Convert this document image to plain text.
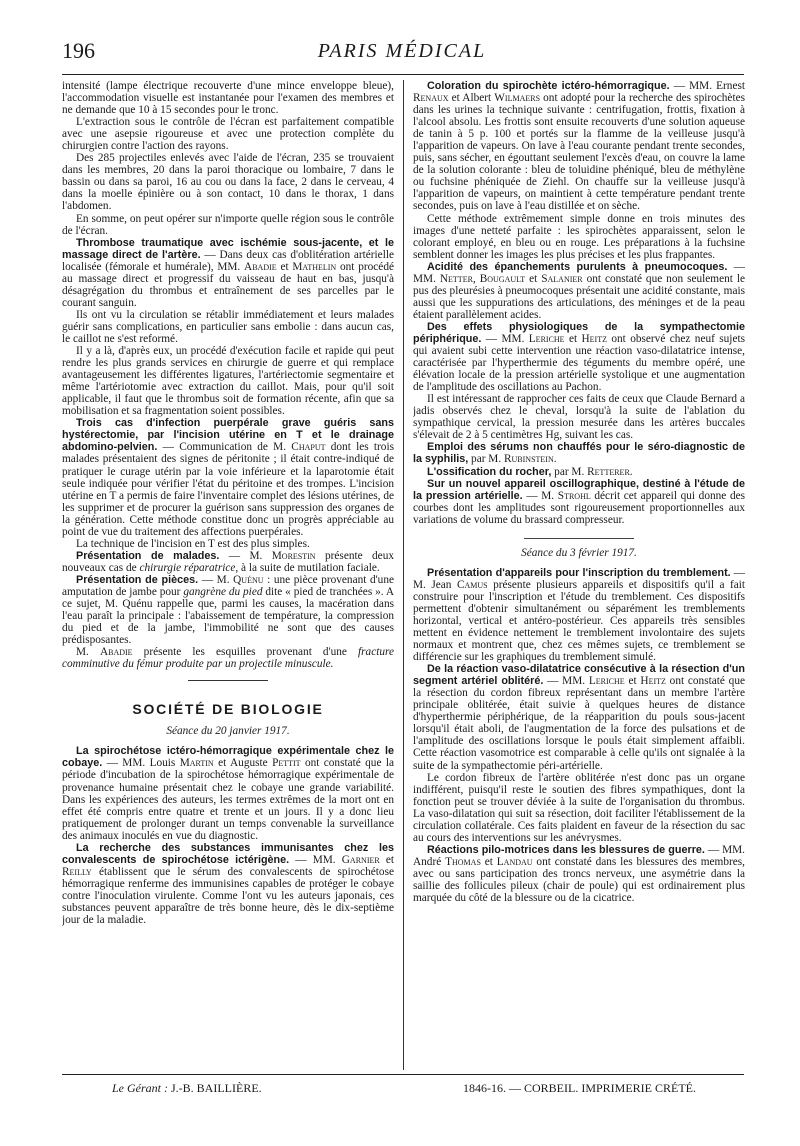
196	PARIS MÉDICAL

intensité (lampe électrique recouverte d'une mince enveloppe bleue), l'accommodation visuelle est instantanée pour l'examen des membres et ne demande que 10 à 15 secondes pour le tronc.

L'extraction sous le contrôle de l'écran est parfaitement compatible avec une asepsie rigoureuse et avec une protection complète du chirurgien contre l'action des rayons.

Des 285 projectiles enlevés avec l'aide de l'écran, 235 se trouvaient dans les membres, 20 dans la paroi thoracique ou lombaire, 7 dans le bassin ou dans sa paroi, 16 au cou ou dans la face, 2 dans le cerveau, 4 dans la moelle épinière ou à son contact, 10 dans le thorax, 1 dans l'abdomen.

En somme, on peut opérer sur n'importe quelle région sous le contrôle de l'écran.

Thrombose traumatique avec ischémie sous-jacente, et le massage direct de l'artère. — Dans deux cas d'oblitération artérielle localisée (fémorale et humérale), MM. Abadie et Mathelin ont procédé au massage direct et progressif du vaisseau de haut en bas, jusqu'à désagrégation du thrombus et entraînement de ses parcelles par le courant sanguin.

Ils ont vu la circulation se rétablir immédiatement et leurs malades guérir sans complications, en particulier sans embolie : dans aucun cas, le caillot ne s'est reformé.

Il y a là, d'après eux, un procédé d'exécution facile et rapide qui peut rendre les plus grands services en chirurgie de guerre et qui remplace avantageusement les différentes ligatures, l'artériectomie segmentaire et même l'artériotomie avec extraction du caillot. Mais, pour qu'il soit applicable, il faut que le thrombus soit de formation récente, afin que sa mobilisation et sa fragmentation soient possibles.

Trois cas d'infection puerpérale grave guéris sans hystérectomie, par l'incision utérine en T et le drainage abdomino-pelvien. — Communication de M. Chaput dont les trois malades présentaient des signes de péritonite ; il était contre-indiqué de pratiquer le curage utérin par la voie inférieure et la laparotomie était seule indiquée pour vérifier l'état du péritoine et des trompes. L'incision utérine en T a permis de faire l'inventaire complet des lésions utérines, de les supprimer et de procurer la guérison sans suppression des organes de la génération. Cette méthode constitue donc un progrès appréciable au point de vue du traitement des affections puerpérales.

La technique de l'incision en T est des plus simples.

Présentation de malades. — M. Morestin présente deux nouveaux cas de chirurgie réparatrice, à la suite de mutilation faciale.

Présentation de pièces. — M. Quénu : une pièce provenant d'une amputation de jambe pour gangrène du pied dite « pied de tranchées ». A ce sujet, M. Quénu rappelle que, parmi les causes, la macération dans l'eau paraît la principale : l'abaissement de température, la compression du pied et de la jambe, l'immobilité ne sont que des causes prédisposantes.

M. Abadie présente les esquilles provenant d'une fracture comminutive du fémur produite par un projectile minuscule.

SOCIÉTÉ DE BIOLOGIE
Séance du 20 janvier 1917.

La spirochétose ictéro-hémorragique expérimentale chez le cobaye. — MM. Louis Martin et Auguste Pettit ont constaté que la période d'incubation de la spirochétose hémorragique expérimentale de provenance humaine présentait chez le cobaye une grande variabilité. Dans les expériences des auteurs, les termes extrêmes de la mort ont en effet été compris entre quatre et trente et un jours. Il y a donc lieu pratiquement de prolonger durant un temps convenable la surveillance des animaux inoculés en vue du diagnostic.

La recherche des substances immunisantes chez les convalescents de spirochétose ictérigène. — MM. Garnier et Reilly établissent que le sérum des convalescents de spirochétose hémorragique renferme des immunisines capables de protéger le cobaye contre l'inoculation virulente. Comme l'ont vu les auteurs japonais, ces substances peuvent apparaître de très bonne heure, dès le dix-septième jour de la maladie.

Coloration du spirochète ictéro-hémorragique. — MM. Ernest Renaux et Albert Wilmaers ont adopté pour la recherche des spirochètes dans les urines la technique suivante : centrifugation, frottis, fixation à l'alcool absolu. Les frottis sont ensuite recouverts d'une solution aqueuse de tanin à 5 p. 100 et portés sur la flamme de la veilleuse jusqu'à l'apparition de vapeurs. On lave à l'eau courante pendant trente secondes, puis, sans sécher, en égouttant seulement l'excès d'eau, on couvre la lame de la solution colorante : bleu de toluidine phéniqué, bleu de méthylène ou fuchsine phéniquée de Ziehl. On chauffe sur la veilleuse jusqu'à l'apparition de vapeurs, on maintient à cette température pendant trente secondes, puis on lave à l'eau distillée et on sèche.

Cette méthode extrêmement simple donne en trois minutes des images d'une netteté parfaite : les spirochètes apparaissent, selon le colorant employé, en bleu ou en rouge. Les préparations à la fuchsine semblent donner les images les plus précises et les plus frappantes.

Acidité des épanchements purulents à pneumocoques. — MM. Netter, Bougault et Salanier ont constaté que non seulement le pus des pleurésies à pneumocoques présentait une acidité constante, mais aussi que les suppurations des articulations, des méninges et de la peau étaient parallèlement acides.

Des effets physiologiques de la sympathectomie périphérique. — MM. Leriche et Heitz ont observé chez neuf sujets qui avaient subi cette intervention une réaction vaso-dilatatrice intense, caractérisée par l'hyperthermie des téguments du membre opéré, une élévation locale de la pression artérielle systolique et une augmentation de l'amplitude des oscillations au Pachon.

Il est intéressant de rapprocher ces faits de ceux que Claude Bernard a jadis observés chez le cheval, lorsqu'à la suite de l'ablation du sympathique cervical, la pression mesurée dans les artères buccales s'élevait de 2 à 5 centimètres Hg, suivant les cas.

Emploi des sérums non chauffés pour le séro-diagnostic de la syphilis, par M. Rubinstein.

L'ossification du rocher, par M. Retterer.

Sur un nouvel appareil oscillographique, destiné à l'étude de la pression artérielle. — M. Strohl décrit cet appareil qui donne des courbes dont les amplitudes sont rigoureusement proportionnelles aux variations de volume du brassard compresseur.

Séance du 3 février 1917.

Présentation d'appareils pour l'inscription du tremblement. — M. Jean Camus présente plusieurs appareils et dispositifs qu'il a fait construire pour l'inscription et l'étude du tremblement. Ces dispositifs permettent d'obtenir simultanément ou séparément les tremblements horizontal, vertical et antéro-postérieur. Ces appareils très sensibles mettent en évidence nettement le tremblement involontaire des sujets normaux et montrent que, chez ces mêmes sujets, ce tremblement se différencie sur les graphiques du tremblement simulé.

De la réaction vaso-dilatatrice consécutive à la résection d'un segment artériel oblitéré. — MM. Leriche et Heitz ont constaté que la résection du cordon fibreux représentant dans un membre l'artère principale oblitérée, était suivie à quelques heures de distance d'hyperthermie périphérique, de la réapparition du pouls sous-jacent lorsqu'il était aboli, de l'augmentation de la force des pulsations et de l'amplitude des oscillations lorsque le pouls était simplement affaibli. Cette réaction vasomotrice est comparable à celle qu'ils ont signalée à la suite de la sympathectomie péri-artérielle.

Le cordon fibreux de l'artère oblitérée n'est donc pas un organe indifférent, puisqu'il reste le soutien des fibres sympathiques, dont la fonction peut se trouver déviée à la suite de l'organisation du thrombus. La vaso-dilatation qui suit sa résection, doit faciliter l'établissement de la circulation collatérale. Ces faits plaident en faveur de la résection du sac au cours des interventions sur les anévrysmes.

Réactions pilo-motrices dans les blessures de guerre. — MM. André Thomas et Landau ont constaté dans les blessures des membres, avec ou sans participation des troncs nerveux, une asymétrie dans la saillie des follicules pileux (chair de poule) qui est ordinairement plus marquée du côté de la blessure ou de la cicatrice.

Le Gérant : J.-B. BAILLIÈRE.	1846-16. — CORBEIL. IMPRIMERIE CRÉTÉ.
